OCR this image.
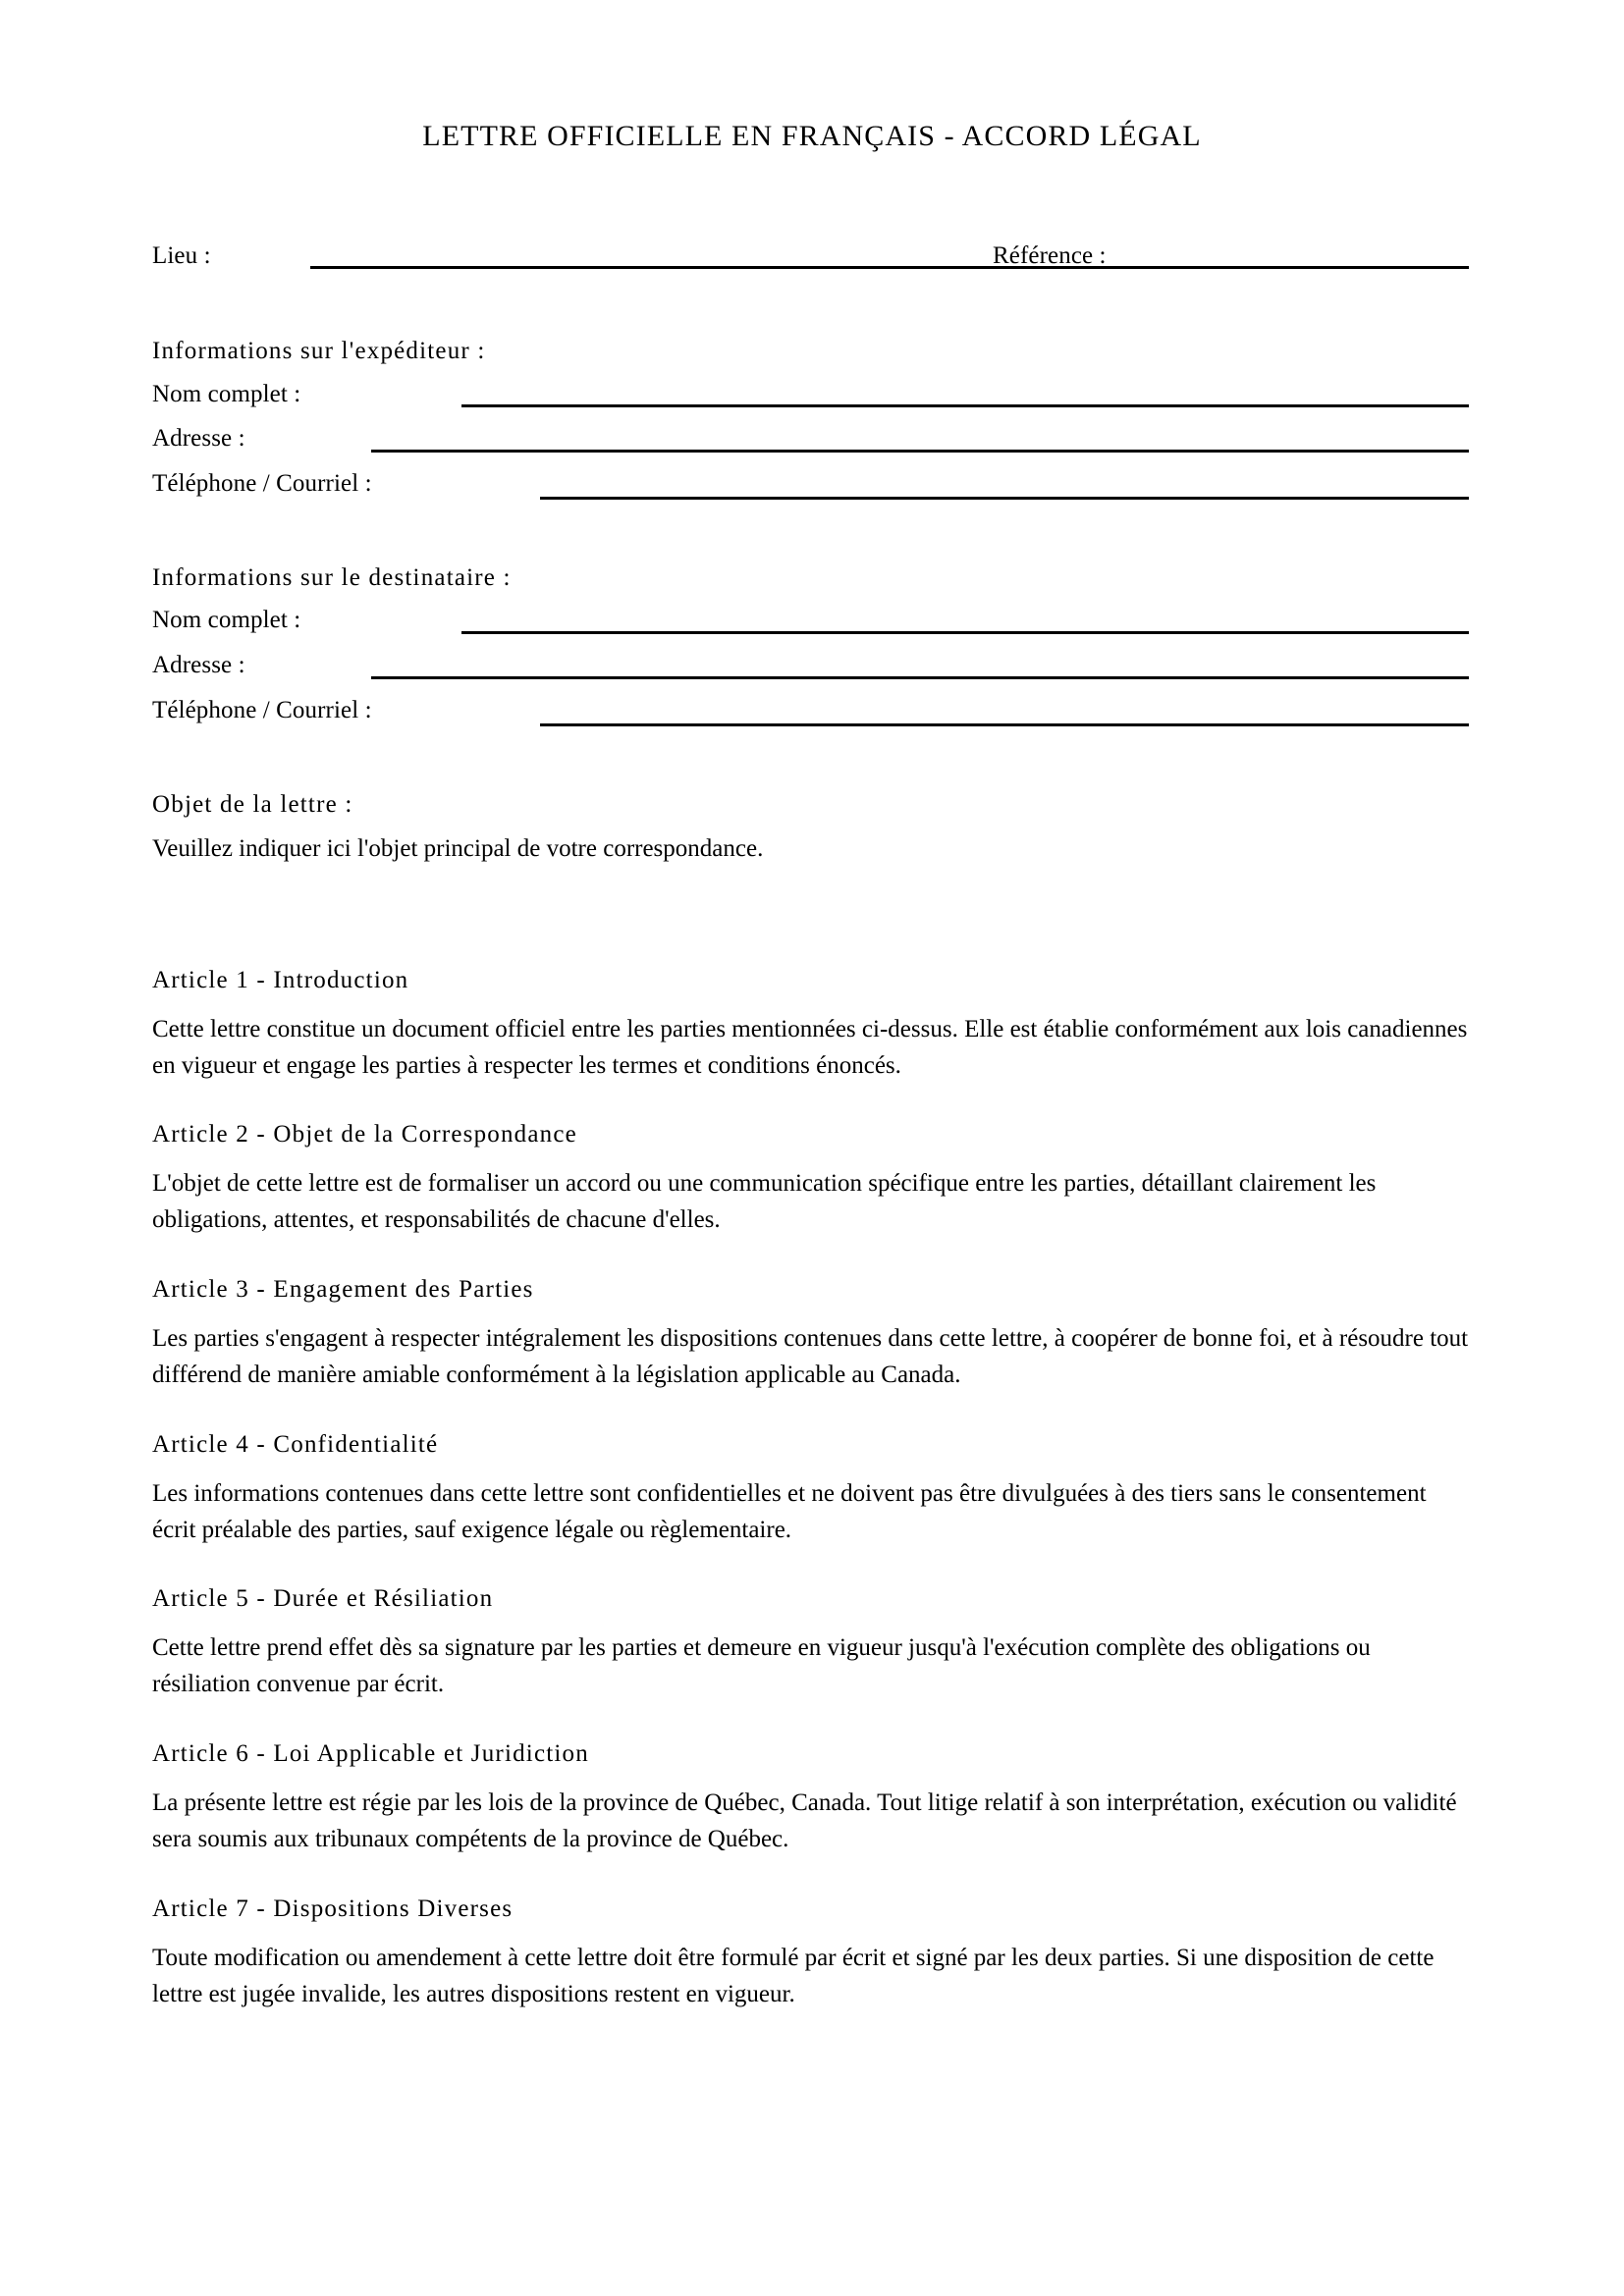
LETTRE OFFICIELLE EN FRANÇAIS - ACCORD LÉGAL
Lieu :	Référence :
Informations sur l'expéditeur :
Nom complet :
Adresse :
Téléphone / Courriel :
Informations sur le destinataire :
Nom complet :
Adresse :
Téléphone / Courriel :
Objet de la lettre :
Veuillez indiquer ici l'objet principal de votre correspondance.

Article 1 - Introduction

Cette lettre constitue un document officiel entre les parties mentionnées ci-dessus. Elle est établie conformément aux lois canadiennes en vigueur et engage les parties à respecter les termes et conditions énoncés.

Article 2 - Objet de la Correspondance

L'objet de cette lettre est de formaliser un accord ou une communication spécifique entre les parties, détaillant clairement les obligations, attentes, et responsabilités de chacune d'elles.

Article 3 - Engagement des Parties

Les parties s'engagent à respecter intégralement les dispositions contenues dans cette lettre, à coopérer de bonne foi, et à résoudre tout différend de manière amiable conformément à la législation applicable au Canada.

Article 4 - Confidentialité

Les informations contenues dans cette lettre sont confidentielles et ne doivent pas être divulguées à des tiers sans le consentement écrit préalable des parties, sauf exigence légale ou règlementaire.

Article 5 - Durée et Résiliation

Cette lettre prend effet dès sa signature par les parties et demeure en vigueur jusqu'à l'exécution complète des obligations ou résiliation convenue par écrit.

Article 6 - Loi Applicable et Juridiction

La présente lettre est régie par les lois de la province de Québec, Canada. Tout litige relatif à son interprétation, exécution ou validité sera soumis aux tribunaux compétents de la province de Québec.

Article 7 - Dispositions Diverses

Toute modification ou amendement à cette lettre doit être formulé par écrit et signé par les deux parties. Si une disposition de cette lettre est jugée invalide, les autres dispositions restent en vigueur.
